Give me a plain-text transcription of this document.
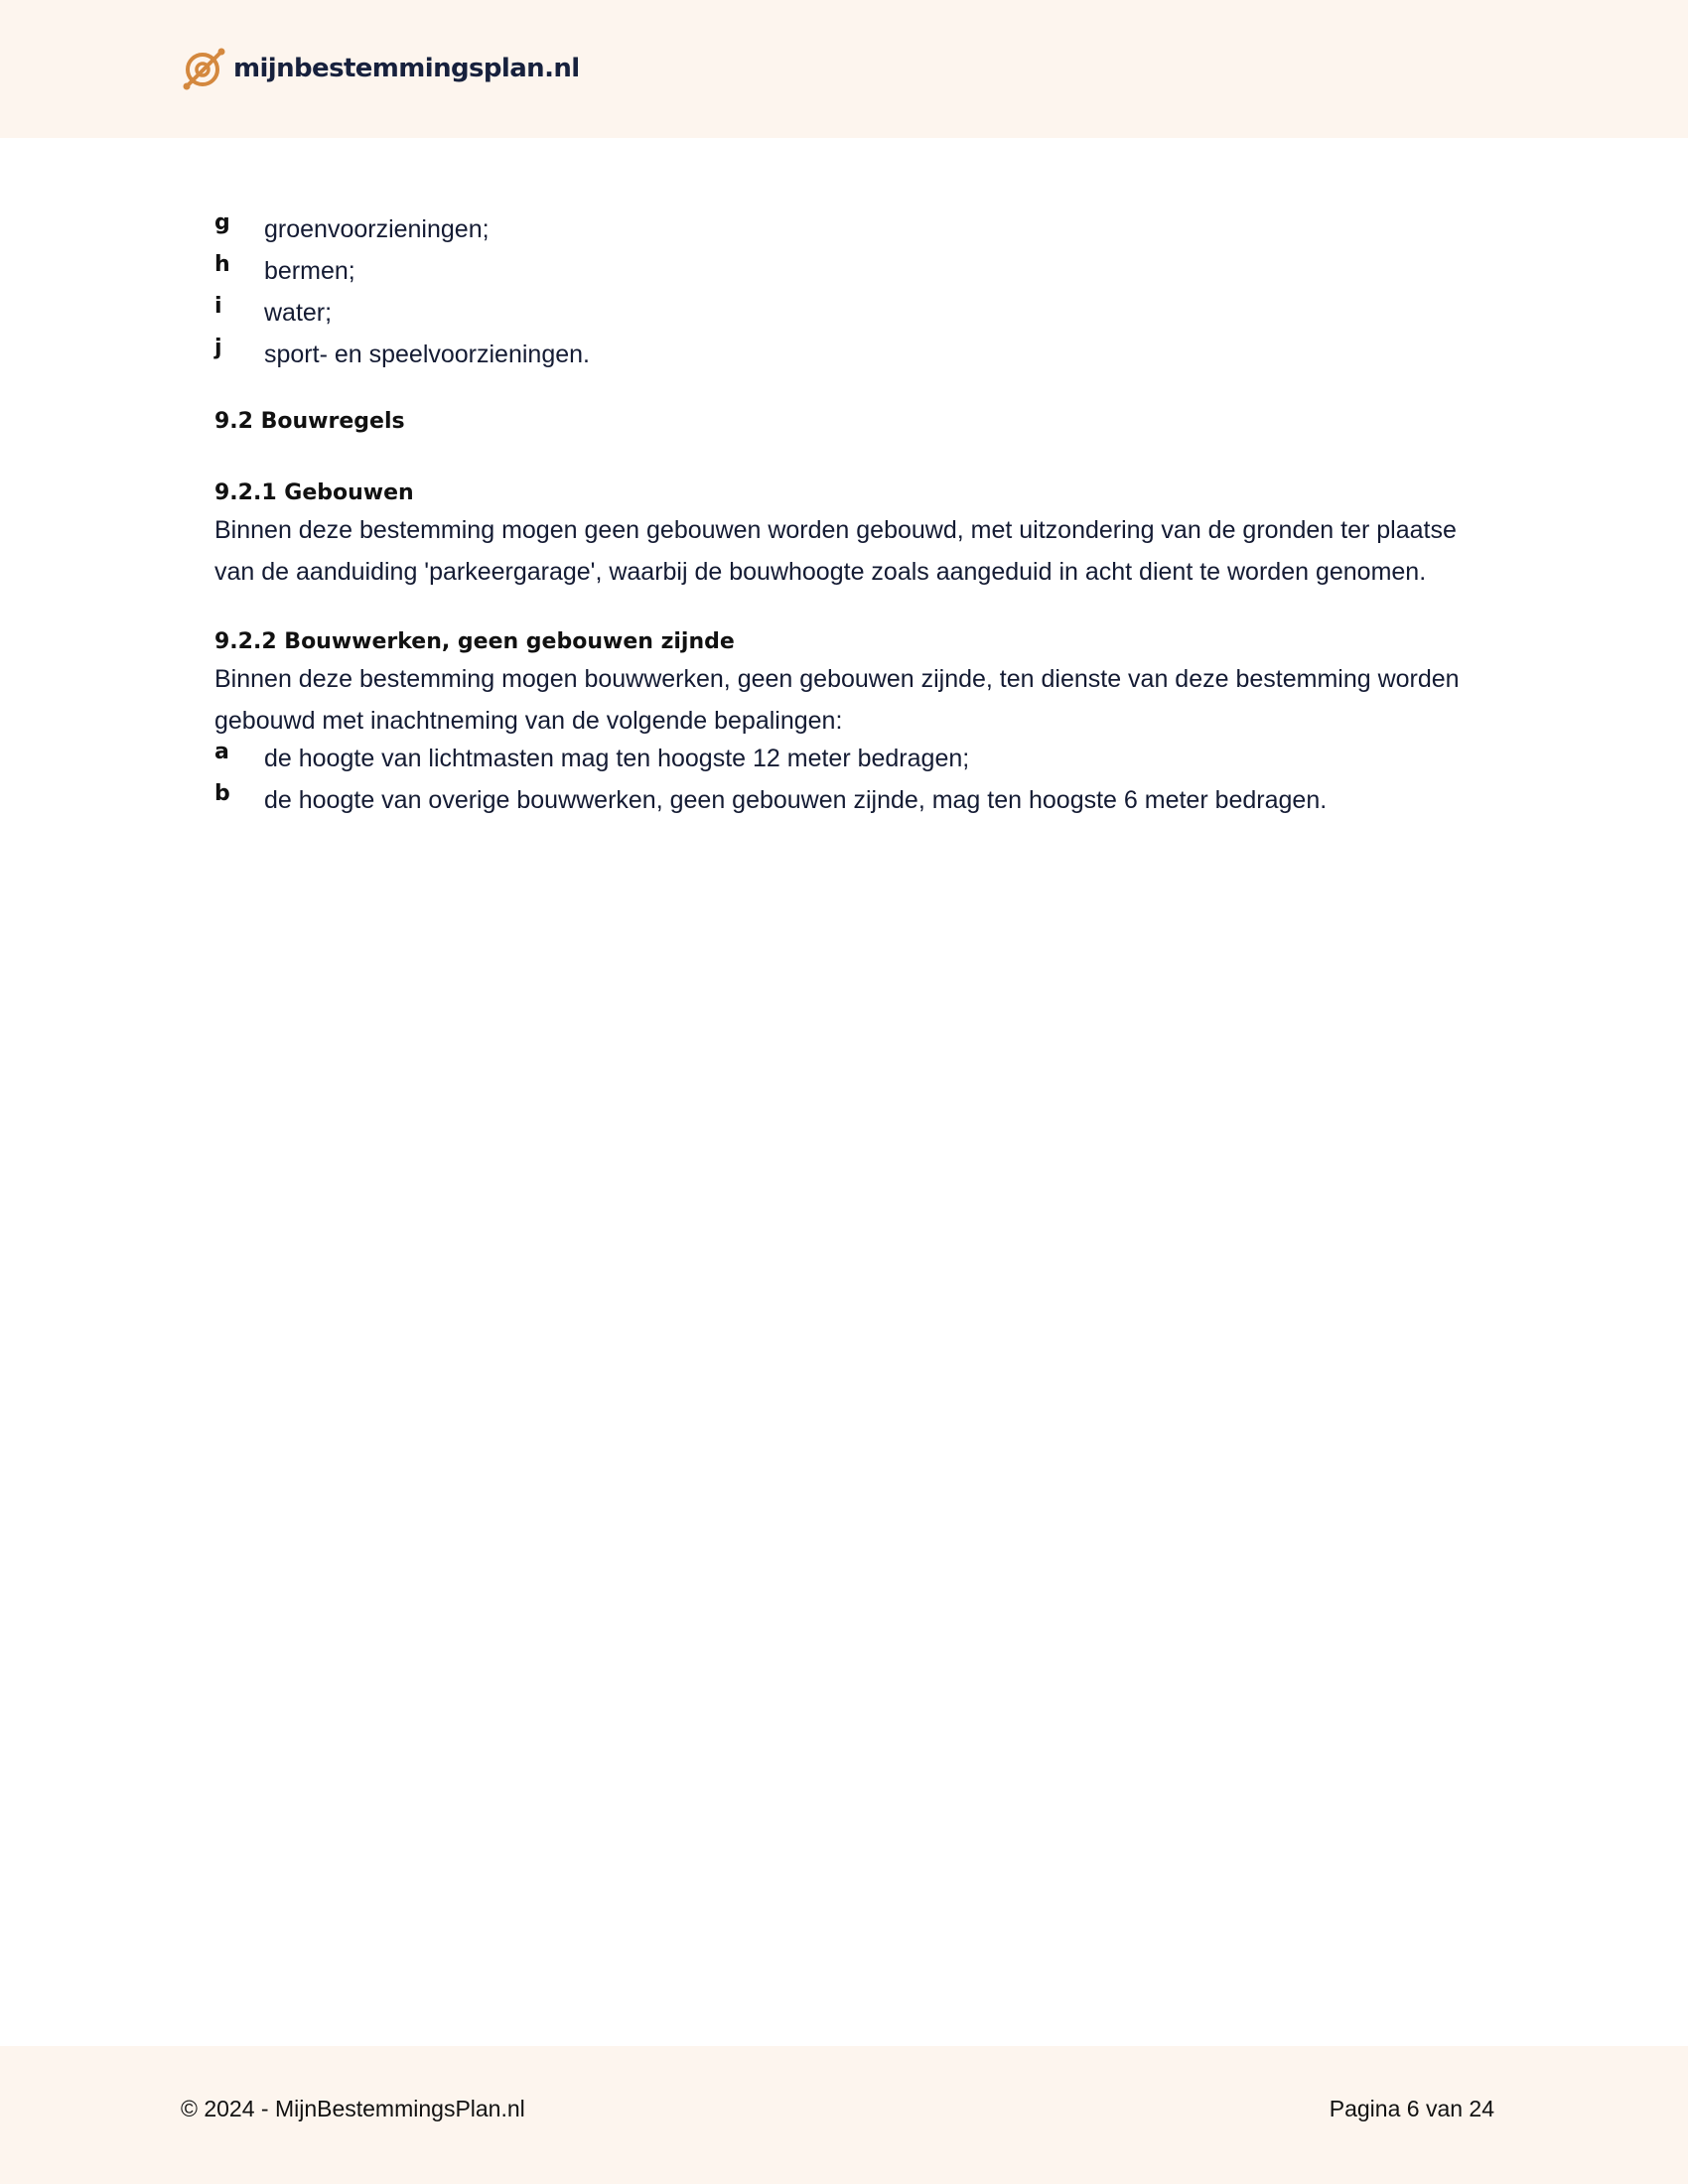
mijnbestemmingsplan.nl
g	groenvoorzieningen;
h	bermen;
i	water;
j	sport- en speelvoorzieningen.
9.2 Bouwregels
9.2.1 Gebouwen

Binnen deze bestemming mogen geen gebouwen worden gebouwd, met uitzondering van de gronden ter plaatse van de aanduiding 'parkeergarage', waarbij de bouwhoogte zoals aangeduid in acht dient te worden genomen.

9.2.2 Bouwwerken, geen gebouwen zijnde

Binnen deze bestemming mogen bouwwerken, geen gebouwen zijnde, ten dienste van deze bestemming worden gebouwd met inachtneming van de volgende bepalingen:

a	de hoogte van lichtmasten mag ten hoogste 12 meter bedragen;
b	de hoogte van overige bouwwerken, geen gebouwen zijnde, mag ten hoogste 6 meter bedragen.
© 2024 - MijnBestemmingsPlan.nl	Pagina 6 van 24
